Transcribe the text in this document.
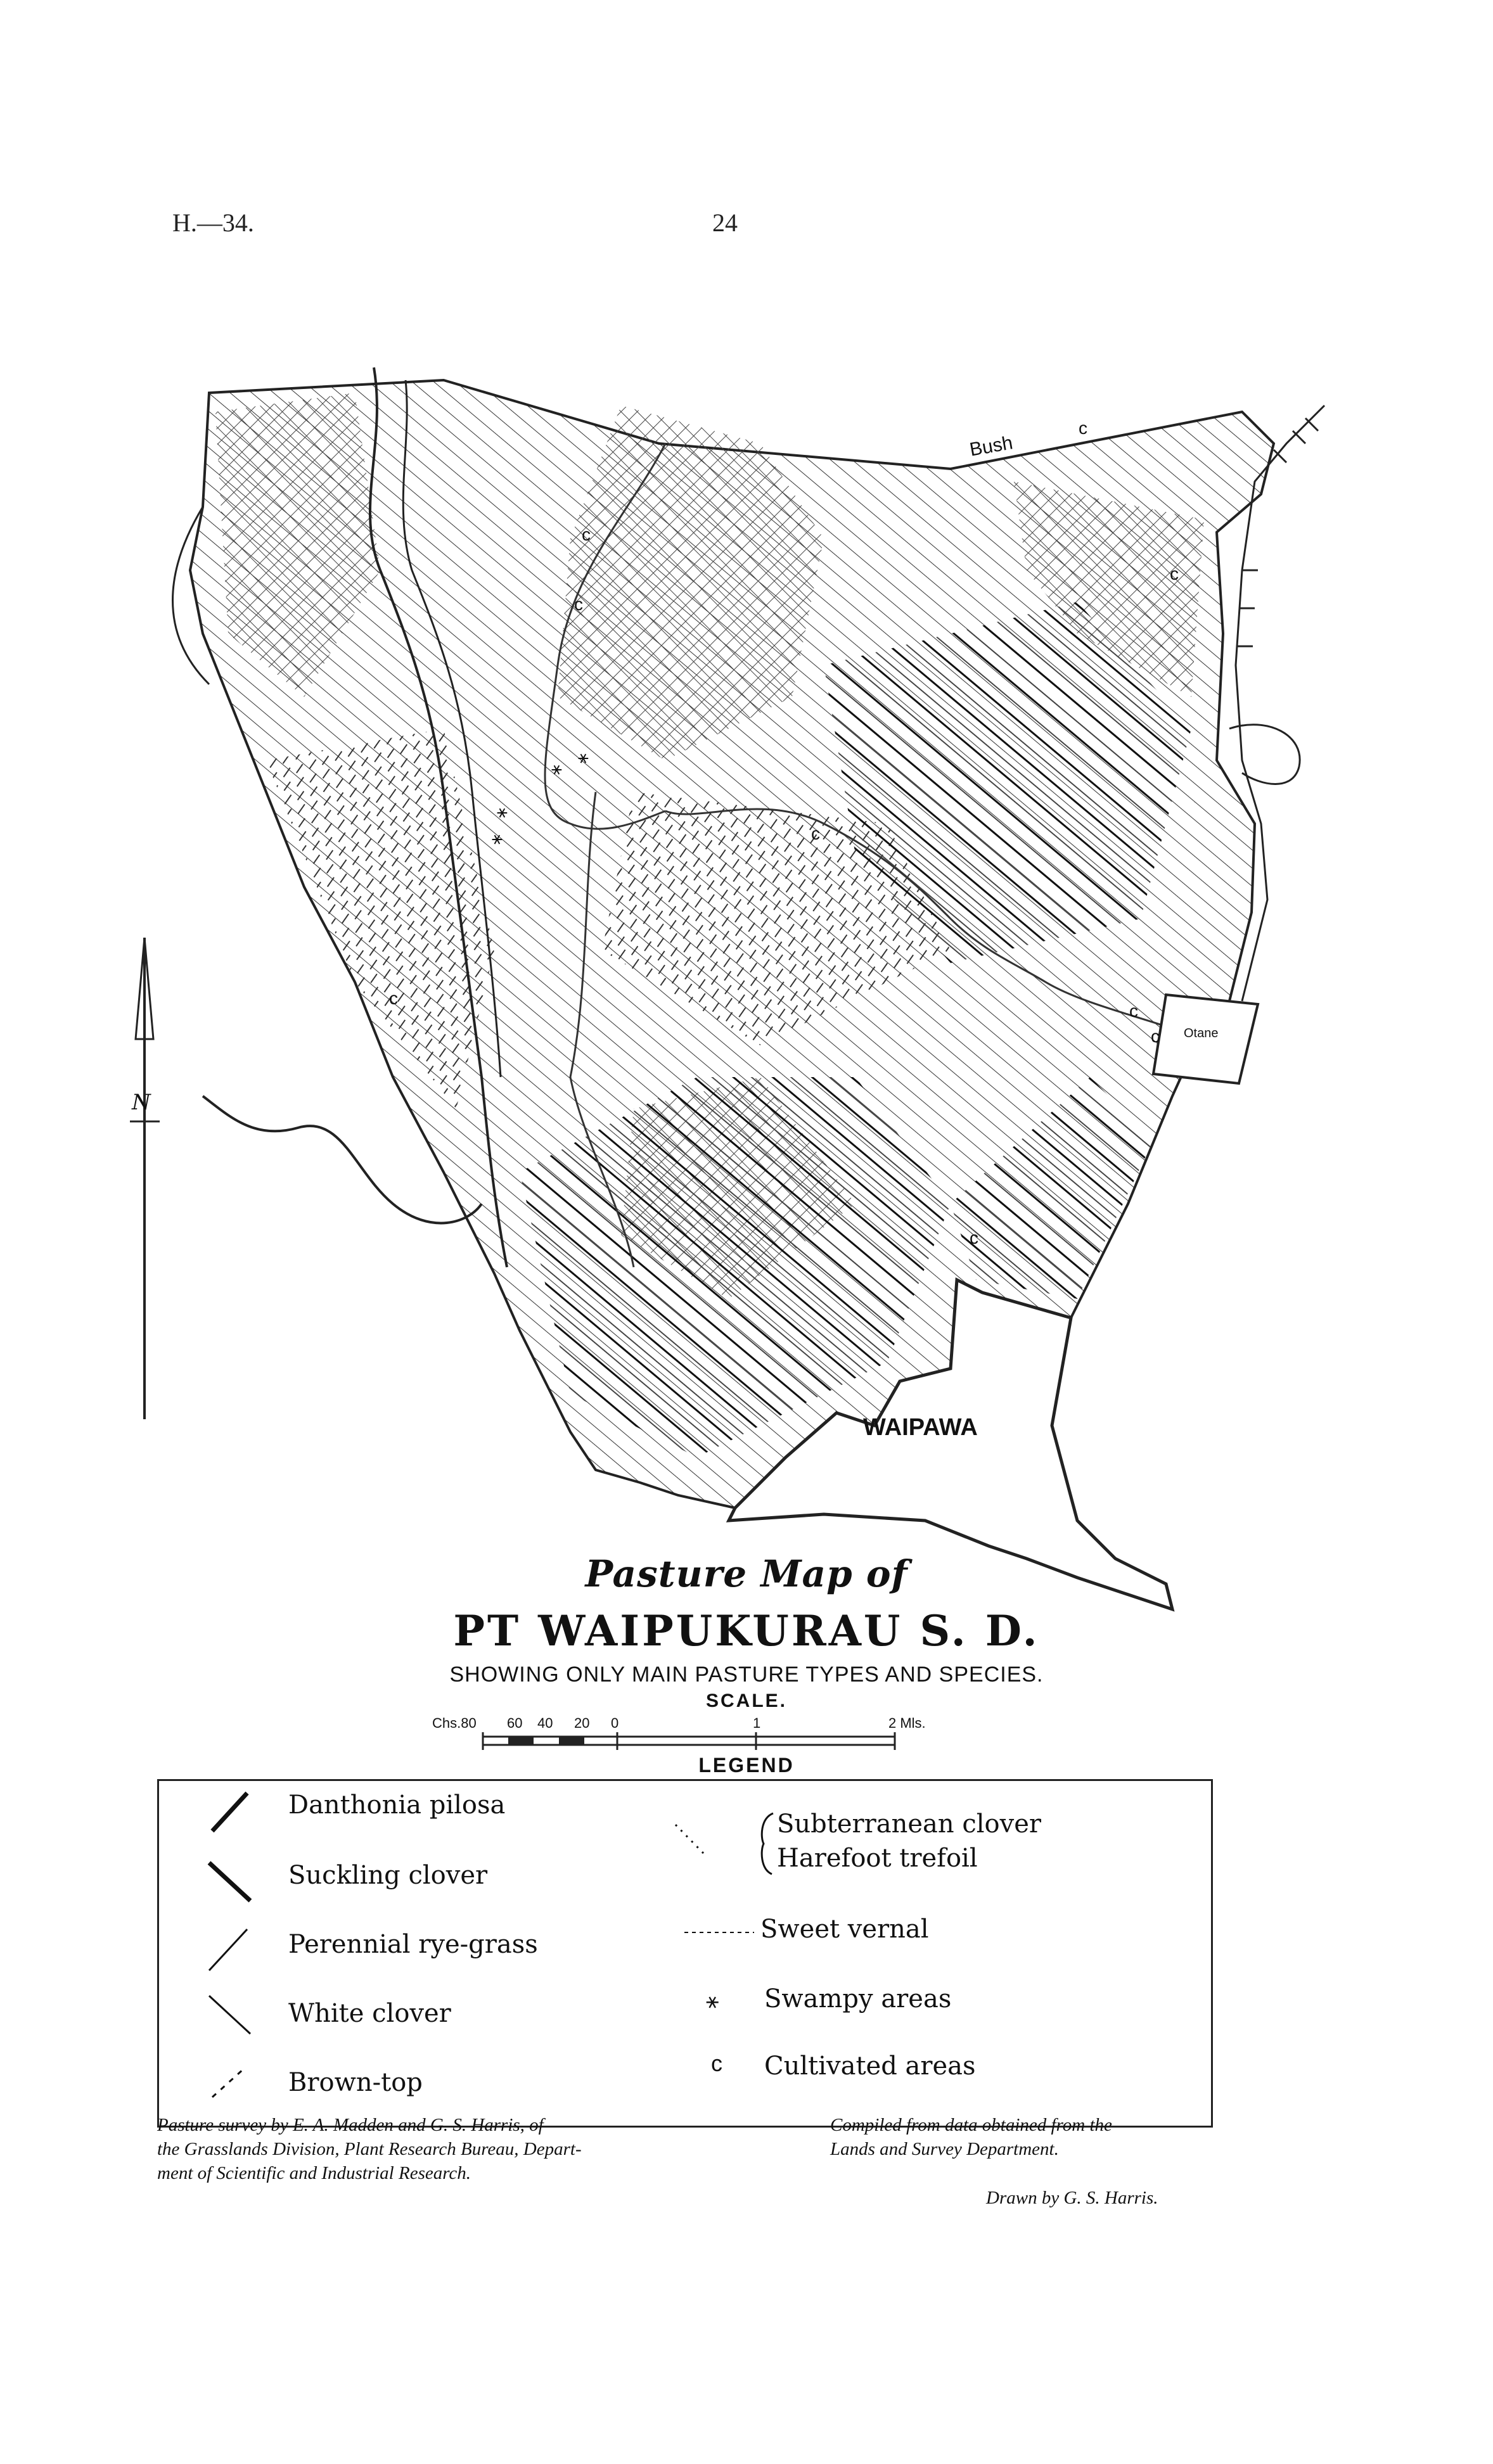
H.—34.	24
Bush
Otane
WAIPAWA
N
c
c
c
c
c
c
c
c
c
⚹
⚹
⚹
⚹
Pasture Map of
PT WAIPUKURAU S. D.
SHOWING ONLY MAIN PASTURE TYPES AND SPECIES.
SCALE.
Chs.80 60 40 20 0	1	2 Mls.
LEGEND
Danthonia pilosa
Suckling clover
Perennial rye-grass
White clover
Brown-top
Subterranean clover
Harefoot trefoil
Sweet vernal
⚹ Swampy areas
c Cultivated areas
Pasture survey by E. A. Madden and G. S. Harris, of
the Grasslands Division, Plant Research Bureau, Depart-
ment of Scientific and Industrial Research.
Compiled from data obtained from the
Lands and Survey Department.
Drawn by G. S. Harris.
